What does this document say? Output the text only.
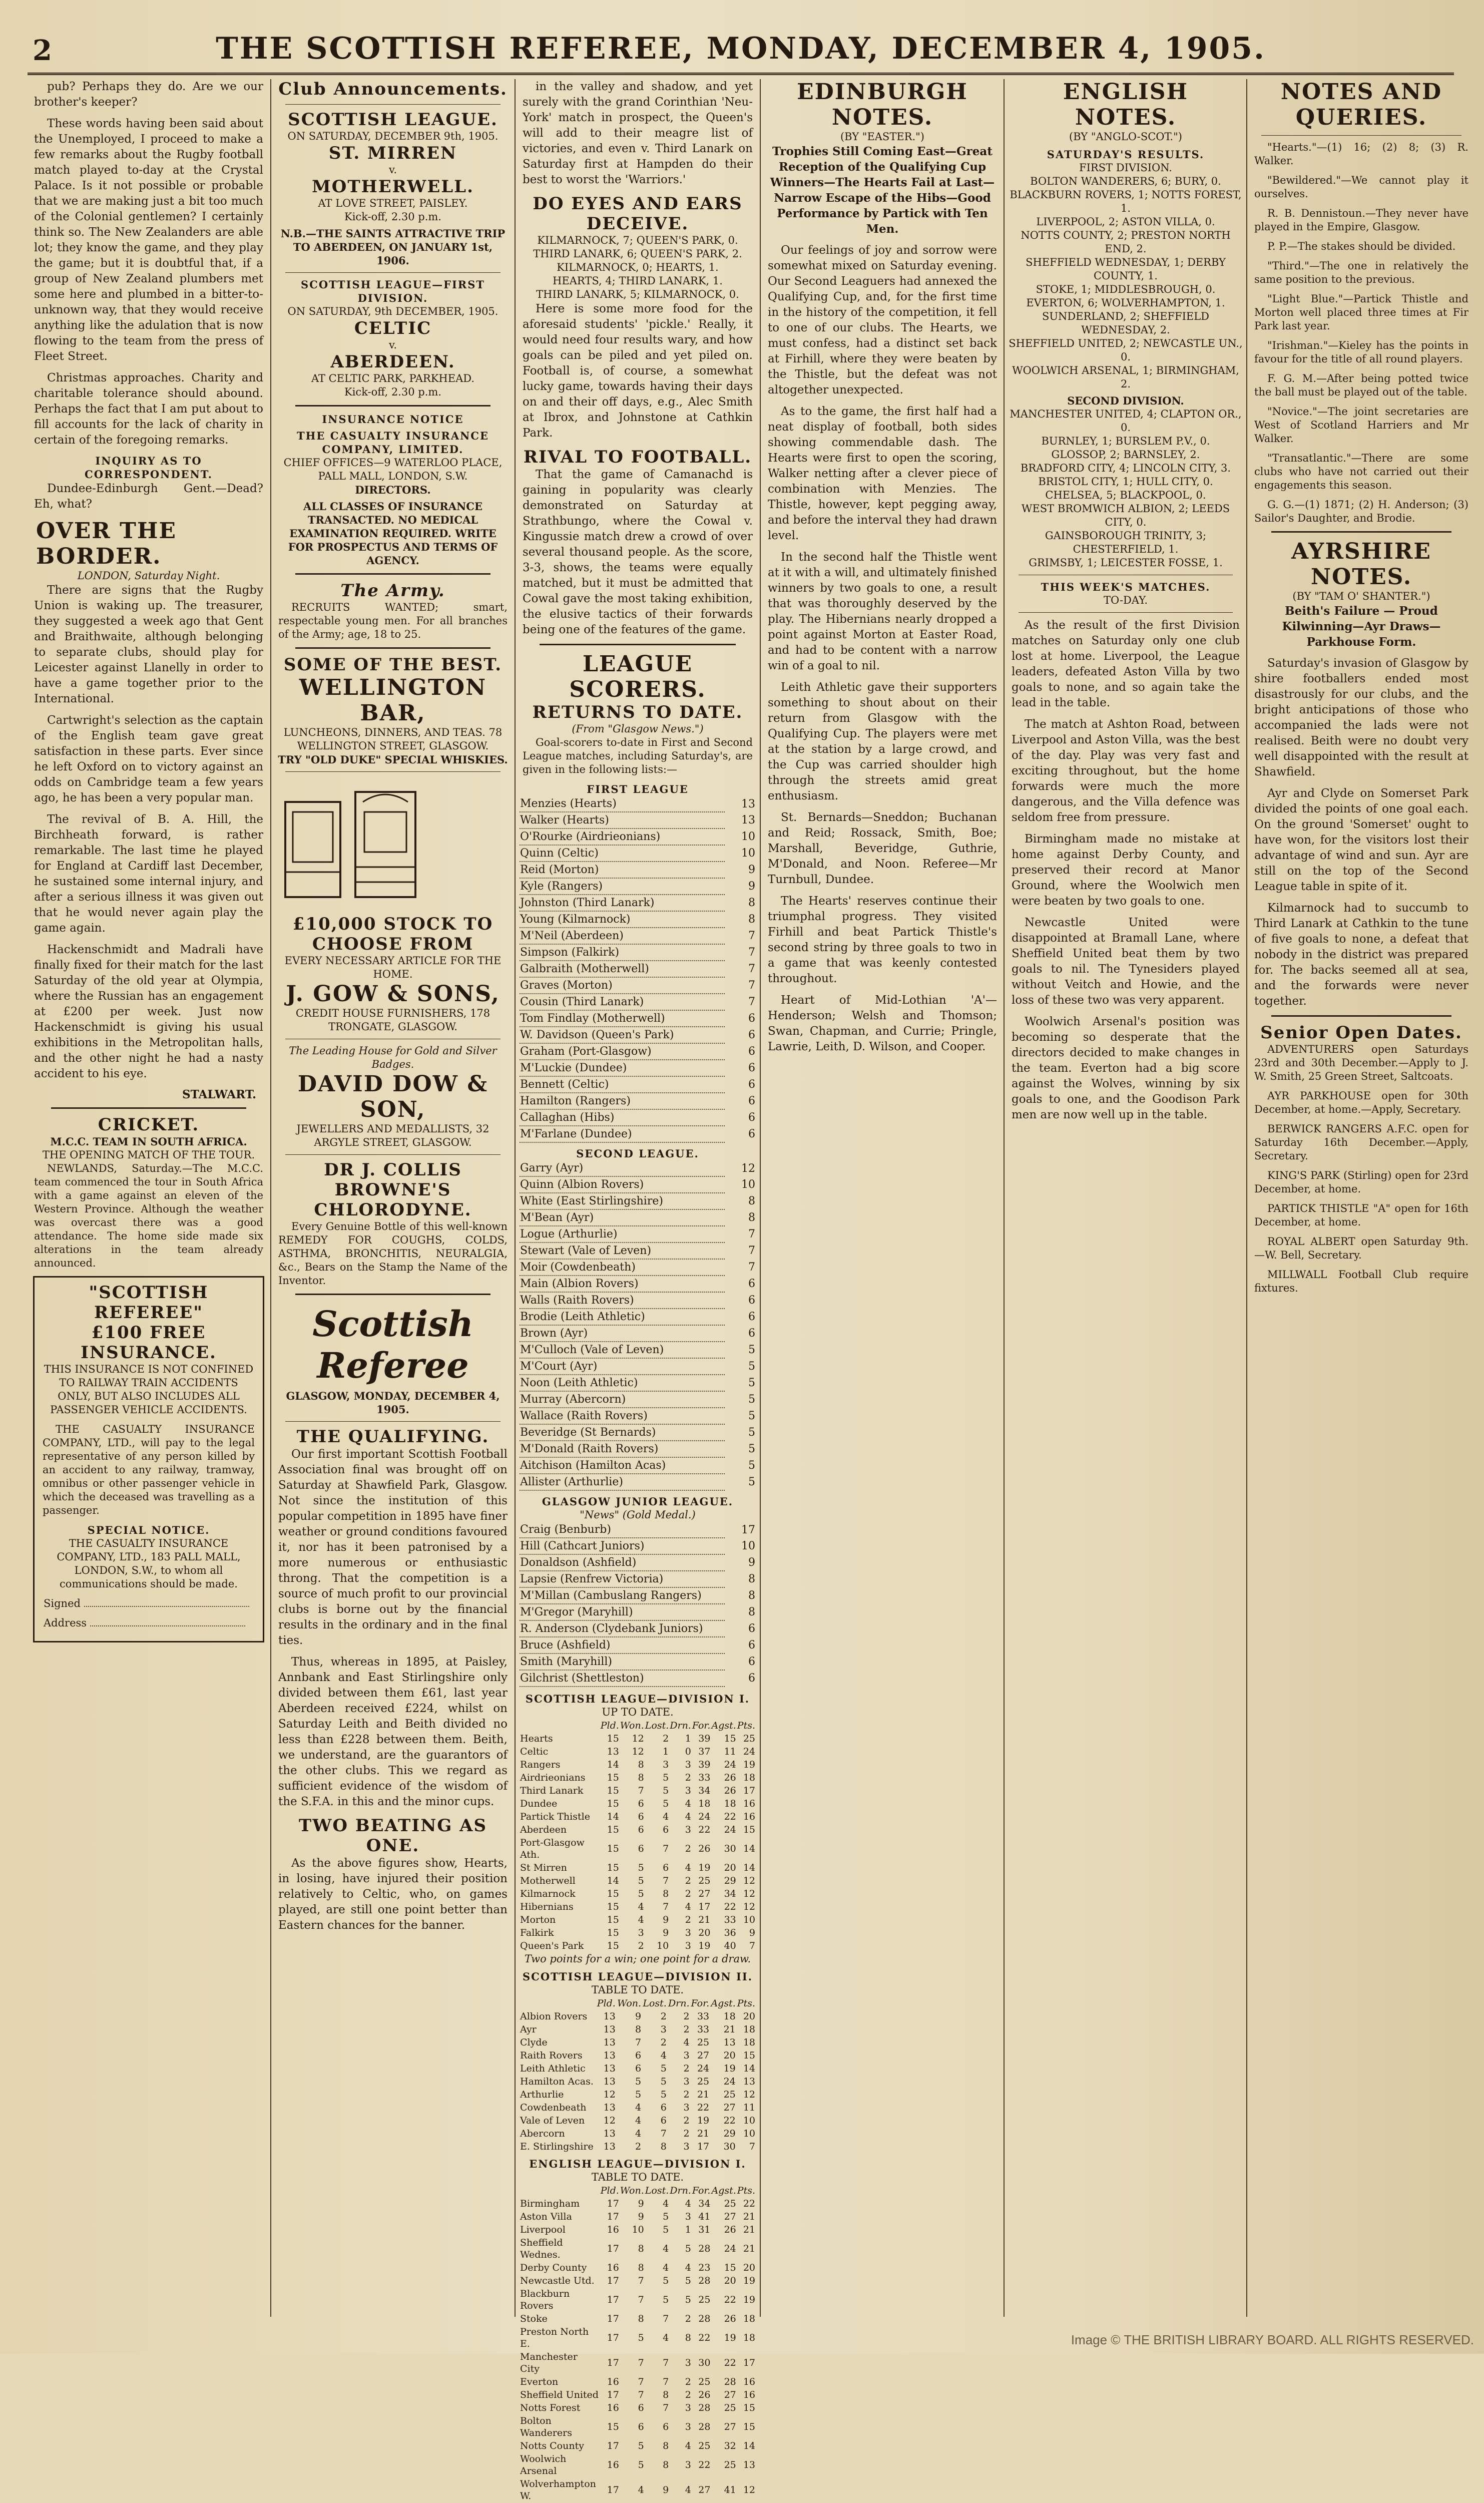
2	THE SCOTTISH REFEREE, MONDAY, DECEMBER 4, 1905.

pub? Perhaps they do. Are we our brother's keeper?

These words having been said about the Unemployed, I proceed to make a few remarks about the Rugby football match played to-day at the Crystal Palace. Is it not possible or probable that we are making just a bit too much of the Colonial gentlemen? I certainly think so. The New Zealanders are able lot; they know the game, and they play the game; but it is doubtful that, if a group of New Zealand plumbers met some here and plumbed in a bitter-to-unknown way, that they would receive anything like the adulation that is now flowing to the team from the press of Fleet Street.

Christmas approaches. Charity and charitable tolerance should abound. Perhaps the fact that I am put about to fill accounts for the lack of charity in certain of the foregoing remarks.

INQUIRY AS TO CORRESPONDENT.

Dundee-Edinburgh Gent.—Dead? Eh, what?

OVER THE BORDER.
LONDON, Saturday Night.

There are signs that the Rugby Union is waking up. The treasurer, they suggested a week ago that Gent and Braithwaite, although belonging to separate clubs, should play for Leicester against Llanelly in order to have a game together prior to the International.

Cartwright's selection as the captain of the English team gave great satisfaction in these parts. Ever since he left Oxford on to victory against an odds on Cambridge team a few years ago, he has been a very popular man.

The revival of B. A. Hill, the Birchheath forward, is rather remarkable. The last time he played for England at Cardiff last December, he sustained some internal injury, and after a serious illness it was given out that he would never again play the game again.

Hackenschmidt and Madrali have finally fixed for their match for the last Saturday of the old year at Olympia, where the Russian has an engagement at £200 per week. Just now Hackenschmidt is giving his usual exhibitions in the Metropolitan halls, and the other night he had a nasty accident to his eye.

STALWART.
CRICKET.
M.C.C. TEAM IN SOUTH AFRICA.
THE OPENING MATCH OF THE TOUR.

NEWLANDS, Saturday.—The M.C.C. team commenced the tour in South Africa with a game against an eleven of the Western Province. Although the weather was overcast there was a good attendance. The home side made six alterations in the team already announced.

"SCOTTISH REFEREE"
£100 FREE INSURANCE.

THIS INSURANCE IS NOT CONFINED TO RAILWAY TRAIN ACCIDENTS ONLY, BUT ALSO INCLUDES ALL PASSENGER VEHICLE ACCIDENTS.

THE CASUALTY INSURANCE COMPANY, LTD., will pay to the legal representative of any person killed by an accident to any railway, tramway, omnibus or other passenger vehicle in which the deceased was travelling as a passenger.

SPECIAL NOTICE.

THE CASUALTY INSURANCE COMPANY, LTD., 183 PALL MALL, LONDON, S.W., to whom all communications should be made.

Signed
Address
Club Announcements.
SCOTTISH LEAGUE.
ON SATURDAY, DECEMBER 9th, 1905.
ST. MIRREN
v.
MOTHERWELL.
AT LOVE STREET, PAISLEY.
Kick-off, 2.30 p.m.
N.B.—THE SAINTS ATTRACTIVE TRIP TO ABERDEEN, ON JANUARY 1st, 1906.
SCOTTISH LEAGUE—FIRST DIVISION.
ON SATURDAY, 9th DECEMBER, 1905.
CELTIC
v.
ABERDEEN.
AT CELTIC PARK, PARKHEAD.
Kick-off, 2.30 p.m.
INSURANCE NOTICE
THE CASUALTY INSURANCE COMPANY, LIMITED.
CHIEF OFFICES—9 WATERLOO PLACE, PALL MALL, LONDON, S.W.
DIRECTORS.
ALL CLASSES OF INSURANCE TRANSACTED. NO MEDICAL EXAMINATION REQUIRED. WRITE FOR PROSPECTUS AND TERMS OF AGENCY.
The Army.

RECRUITS WANTED; smart, respectable young men. For all branches of the Army; age, 18 to 25.

SOME OF THE BEST.
WELLINGTON BAR,
LUNCHEONS, DINNERS, AND TEAS. 78 WELLINGTON STREET, GLASGOW.
TRY "OLD DUKE" SPECIAL WHISKIES.
£10,000 STOCK TO CHOOSE FROM
EVERY NECESSARY ARTICLE FOR THE HOME.
J. GOW & SONS,
CREDIT HOUSE FURNISHERS, 178 TRONGATE, GLASGOW.
The Leading House for Gold and Silver Badges.
DAVID DOW & SON,
JEWELLERS AND MEDALLISTS, 32 ARGYLE STREET, GLASGOW.
DR J. COLLIS BROWNE'S
CHLORODYNE.

Every Genuine Bottle of this well-known REMEDY FOR COUGHS, COLDS, ASTHMA, BRONCHITIS, NEURALGIA, &c., Bears on the Stamp the Name of the Inventor.

Scottish Referee
GLASGOW, MONDAY, DECEMBER 4, 1905.
THE QUALIFYING.

Our first important Scottish Football Association final was brought off on Saturday at Shawfield Park, Glasgow. Not since the institution of this popular competition in 1895 have finer weather or ground conditions favoured it, nor has it been patronised by a more numerous or enthusiastic throng. That the competition is a source of much profit to our provincial clubs is borne out by the financial results in the ordinary and in the final ties.

Thus, whereas in 1895, at Paisley, Annbank and East Stirlingshire only divided between them £61, last year Aberdeen received £224, whilst on Saturday Leith and Beith divided no less than £228 between them. Beith, we understand, are the guarantors of the other clubs. This we regard as sufficient evidence of the wisdom of the S.F.A. in this and the minor cups.

TWO BEATING AS ONE.

As the above figures show, Hearts, in losing, have injured their position relatively to Celtic, who, on games played, are still one point better than Eastern chances for the banner.

in the valley and shadow, and yet surely with the grand Corinthian 'Neu-York' match in prospect, the Queen's will add to their meagre list of victories, and even v. Third Lanark on Saturday first at Hampden do their best to worst the 'Warriors.'

DO EYES AND EARS DECEIVE.
KILMARNOCK, 7; QUEEN'S PARK, 0.
THIRD LANARK, 6; QUEEN'S PARK, 2.
KILMARNOCK, 0; HEARTS, 1.
HEARTS, 4; THIRD LANARK, 1.
THIRD LANARK, 5; KILMARNOCK, 0.

Here is some more food for the aforesaid students' 'pickle.' Really, it would need four results wary, and how goals can be piled and yet piled on. Football is, of course, a somewhat lucky game, towards having their days on and their off days, e.g., Alec Smith at Ibrox, and Johnstone at Cathkin Park.

RIVAL TO FOOTBALL.

That the game of Camanachd is gaining in popularity was clearly demonstrated on Saturday at Strathbungo, where the Cowal v. Kingussie match drew a crowd of over several thousand people. As the score, 3-3, shows, the teams were equally matched, but it must be admitted that Cowal gave the most taking exhibition, the elusive tactics of their forwards being one of the features of the game.

LEAGUE SCORERS.
RETURNS TO DATE.
(From "Glasgow News.")

Goal-scorers to-date in First and Second League matches, including Saturday's, are given in the following lists:—

FIRST LEAGUE
Menzies (Hearts)	13
Walker (Hearts)	13
O'Rourke (Airdrieonians)	10
Quinn (Celtic)	10
Reid (Morton)	9
Kyle (Rangers)	9
Johnston (Third Lanark)	8
Young (Kilmarnock)	8
M'Neil (Aberdeen)	7
Simpson (Falkirk)	7
Galbraith (Motherwell)	7
Graves (Morton)	7
Cousin (Third Lanark)	7
Tom Findlay (Motherwell)	6
W. Davidson (Queen's Park)	6
Graham (Port-Glasgow)	6
M'Luckie (Dundee)	6
Bennett (Celtic)	6
Hamilton (Rangers)	6
Callaghan (Hibs)	6
M'Farlane (Dundee)	6
SECOND LEAGUE.
Garry (Ayr)	12
Quinn (Albion Rovers)	10
White (East Stirlingshire)	8
M'Bean (Ayr)	8
Logue (Arthurlie)	7
Stewart (Vale of Leven)	7
Moir (Cowdenbeath)	7
Main (Albion Rovers)	6
Walls (Raith Rovers)	6
Brodie (Leith Athletic)	6
Brown (Ayr)	6
M'Culloch (Vale of Leven)	5
M'Court (Ayr)	5
Noon (Leith Athletic)	5
Murray (Abercorn)	5
Wallace (Raith Rovers)	5
Beveridge (St Bernards)	5
M'Donald (Raith Rovers)	5
Aitchison (Hamilton Acas)	5
Allister (Arthurlie)	5
GLASGOW JUNIOR LEAGUE.
"News" (Gold Medal.)
Craig (Benburb)	17
Hill (Cathcart Juniors)	10
Donaldson (Ashfield)	9
Lapsie (Renfrew Victoria)	8
M'Millan (Cambuslang Rangers)	8
M'Gregor (Maryhill)	8
R. Anderson (Clydebank Juniors)	6
Bruce (Ashfield)	6
Smith (Maryhill)	6
Gilchrist (Shettleston)	6
SCOTTISH LEAGUE—DIVISION I.
UP TO DATE.
	Pld.	Won.	Lost.	Drn.	For.	Agst.	Pts.
Hearts	15	12	2	1	39	15	25
Celtic	13	12	1	0	37	11	24
Rangers	14	8	3	3	39	24	19
Airdrieonians	15	8	5	2	33	26	18
Third Lanark	15	7	5	3	34	26	17
Dundee	15	6	5	4	18	18	16
Partick Thistle	14	6	4	4	24	22	16
Aberdeen	15	6	6	3	22	24	15
Port-Glasgow Ath.	15	6	7	2	26	30	14
St Mirren	15	5	6	4	19	20	14
Motherwell	14	5	7	2	25	29	12
Kilmarnock	15	5	8	2	27	34	12
Hibernians	15	4	7	4	17	22	12
Morton	15	4	9	2	21	33	10
Falkirk	15	3	9	3	20	36	9
Queen's Park	15	2	10	3	19	40	7
Two points for a win; one point for a draw.
SCOTTISH LEAGUE—DIVISION II.
TABLE TO DATE.
	Pld.	Won.	Lost.	Drn.	For.	Agst.	Pts.
Albion Rovers	13	9	2	2	33	18	20
Ayr	13	8	3	2	33	21	18
Clyde	13	7	2	4	25	13	18
Raith Rovers	13	6	4	3	27	20	15
Leith Athletic	13	6	5	2	24	19	14
Hamilton Acas.	13	5	5	3	25	24	13
Arthurlie	12	5	5	2	21	25	12
Cowdenbeath	13	4	6	3	22	27	11
Vale of Leven	12	4	6	2	19	22	10
Abercorn	13	4	7	2	21	29	10
E. Stirlingshire	13	2	8	3	17	30	7
ENGLISH LEAGUE—DIVISION I.
TABLE TO DATE.
	Pld.	Won.	Lost.	Drn.	For.	Agst.	Pts.
Birmingham	17	9	4	4	34	25	22
Aston Villa	17	9	5	3	41	27	21
Liverpool	16	10	5	1	31	26	21
Sheffield Wednes.	17	8	4	5	28	24	21
Derby County	16	8	4	4	23	15	20
Newcastle Utd.	17	7	5	5	28	20	19
Blackburn Rovers	17	7	5	5	25	22	19
Stoke	17	8	7	2	28	26	18
Preston North E.	17	5	4	8	22	19	18
Manchester City	17	7	7	3	30	22	17
Everton	16	7	7	2	25	28	16
Sheffield United	17	7	8	2	26	27	16
Notts Forest	16	6	7	3	28	25	15
Bolton Wanderers	15	6	6	3	28	27	15
Notts County	17	5	8	4	25	32	14
Woolwich Arsenal	16	5	8	3	22	25	13
Wolverhampton W.	17	4	9	4	27	41	12

EDINBURGH NOTES.
(BY "EASTER.")

Trophies Still Coming East—Great Reception of the Qualifying Cup Winners—The Hearts Fail at Last—Narrow Escape of the Hibs—Good Performance by Partick with Ten Men.

Our feelings of joy and sorrow were somewhat mixed on Saturday evening. Our Second Leaguers had annexed the Qualifying Cup, and, for the first time in the history of the competition, it fell to one of our clubs. The Hearts, we must confess, had a distinct set back at Firhill, where they were beaten by the Thistle, but the defeat was not altogether unexpected.

As to the game, the first half had a neat display of football, both sides showing commendable dash. The Hearts were first to open the scoring, Walker netting after a clever piece of combination with Menzies. The Thistle, however, kept pegging away, and before the interval they had drawn level.

In the second half the Thistle went at it with a will, and ultimately finished winners by two goals to one, a result that was thoroughly deserved by the play. The Hibernians nearly dropped a point against Morton at Easter Road, and had to be content with a narrow win of a goal to nil.

Leith Athletic gave their supporters something to shout about on their return from Glasgow with the Qualifying Cup. The players were met at the station by a large crowd, and the Cup was carried shoulder high through the streets amid great enthusiasm.

St. Bernards—Sneddon; Buchanan and Reid; Rossack, Smith, Boe; Marshall, Beveridge, Guthrie, M'Donald, and Noon. Referee—Mr Turnbull, Dundee.

The Hearts' reserves continue their triumphal progress. They visited Firhill and beat Partick Thistle's second string by three goals to two in a game that was keenly contested throughout.

Heart of Mid-Lothian 'A'—Henderson; Welsh and Thomson; Swan, Chapman, and Currie; Pringle, Lawrie, Leith, D. Wilson, and Cooper.

ENGLISH NOTES.
(BY "ANGLO-SCOT.")
SATURDAY'S RESULTS.
FIRST DIVISION.
BOLTON WANDERERS, 6; BURY, 0.
BLACKBURN ROVERS, 1; NOTTS FOREST, 1.
LIVERPOOL, 2; ASTON VILLA, 0.
NOTTS COUNTY, 2; PRESTON NORTH END, 2.
SHEFFIELD WEDNESDAY, 1; DERBY COUNTY, 1.
STOKE, 1; MIDDLESBROUGH, 0.
EVERTON, 6; WOLVERHAMPTON, 1.
SUNDERLAND, 2; SHEFFIELD WEDNESDAY, 2.
SHEFFIELD UNITED, 2; NEWCASTLE UN., 0.
WOOLWICH ARSENAL, 1; BIRMINGHAM, 2.
SECOND DIVISION.
MANCHESTER UNITED, 4; CLAPTON OR., 0.
BURNLEY, 1; BURSLEM P.V., 0.
GLOSSOP, 2; BARNSLEY, 2.
BRADFORD CITY, 4; LINCOLN CITY, 3.
BRISTOL CITY, 1; HULL CITY, 0.
CHELSEA, 5; BLACKPOOL, 0.
WEST BROMWICH ALBION, 2; LEEDS CITY, 0.
GAINSBOROUGH TRINITY, 3; CHESTERFIELD, 1.
GRIMSBY, 1; LEICESTER FOSSE, 1.
THIS WEEK'S MATCHES.
TO-DAY.

As the result of the first Division matches on Saturday only one club lost at home. Liverpool, the League leaders, defeated Aston Villa by two goals to none, and so again take the lead in the table.

The match at Ashton Road, between Liverpool and Aston Villa, was the best of the day. Play was very fast and exciting throughout, but the home forwards were much the more dangerous, and the Villa defence was seldom free from pressure.

Birmingham made no mistake at home against Derby County, and preserved their record at Manor Ground, where the Woolwich men were beaten by two goals to one.

Newcastle United were disappointed at Bramall Lane, where Sheffield United beat them by two goals to nil. The Tynesiders played without Veitch and Howie, and the loss of these two was very apparent.

Woolwich Arsenal's position was becoming so desperate that the directors decided to make changes in the team. Everton had a big score against the Wolves, winning by six goals to one, and the Goodison Park men are now well up in the table.

NOTES AND QUERIES.
"Hearts."—(1) 16; (2) 8; (3) R. Walker.
"Bewildered."—We cannot play it ourselves.
R. B. Dennistoun.—They never have played in the Empire, Glasgow.
P. P.—The stakes should be divided.
"Third."—The one in relatively the same position to the previous.
"Light Blue."—Partick Thistle and Morton well placed three times at Fir Park last year.
"Irishman."—Kieley has the points in favour for the title of all round players.
F. G. M.—After being potted twice the ball must be played out of the table.
"Novice."—The joint secretaries are West of Scotland Harriers and Mr Walker.
"Transatlantic."—There are some clubs who have not carried out their engagements this season.
G. G.—(1) 1871; (2) H. Anderson; (3) Sailor's Daughter, and Brodie.
AYRSHIRE NOTES.
(BY "TAM O' SHANTER.")

Beith's Failure — Proud Kilwinning—Ayr Draws—Parkhouse Form.

Saturday's invasion of Glasgow by shire footballers ended most disastrously for our clubs, and the bright anticipations of those who accompanied the lads were not realised. Beith were no doubt very well disappointed with the result at Shawfield.

Ayr and Clyde on Somerset Park divided the points of one goal each. On the ground 'Somerset' ought to have won, for the visitors lost their advantage of wind and sun. Ayr are still on the top of the Second League table in spite of it.

Kilmarnock had to succumb to Third Lanark at Cathkin to the tune of five goals to none, a defeat that nobody in the district was prepared for. The backs seemed all at sea, and the forwards were never together.

Senior Open Dates.
ADVENTURERS open Saturdays 23rd and 30th December.—Apply to J. W. Smith, 25 Green Street, Saltcoats.
AYR PARKHOUSE open for 30th December, at home.—Apply, Secretary.
BERWICK RANGERS A.F.C. open for Saturday 16th December.—Apply, Secretary.
KING'S PARK (Stirling) open for 23rd December, at home.
PARTICK THISTLE "A" open for 16th December, at home.
ROYAL ALBERT open Saturday 9th.—W. Bell, Secretary.
MILLWALL Football Club require fixtures.
Image © THE BRITISH LIBRARY BOARD. ALL RIGHTS RESERVED.
